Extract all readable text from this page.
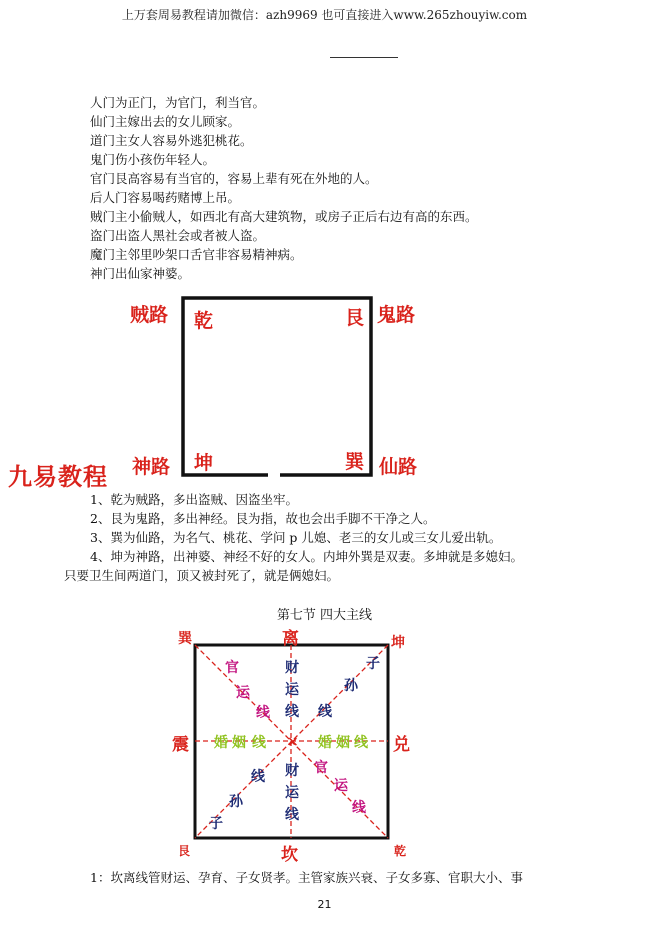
上万套周易教程请加微信：azh9969 也可直接进入www.265zhouyiw.com
人门为正门，为官门，利当官。
仙门主嫁出去的女儿顾家。
道门主女人容易外逃犯桃花。
鬼门伤小孩伤年轻人。
官门艮高容易有当官的，容易上辈有死在外地的人。
后人门容易喝药赌博上吊。
贼门主小偷贼人，如西北有高大建筑物，或房子正后右边有高的东西。
盗门出盗人黑社会或者被人盗。
魔门主邻里吵架口舌官非容易精神病。
神门出仙家神婆。
贼路 乾	艮 鬼路
神路 坤	巽 仙路
九易教程
1、乾为贼路，多出盗贼、因盗坐牢。
2、艮为鬼路，多出神经。艮为指，故也会出手脚不干净之人。
3、巽为仙路，为名气、桃花、学问 p 儿媳、老三的女儿或三女儿爱出轨。
4、坤为神路，出神婆、神经不好的女人。内坤外巽是双妻。多坤就是多媳妇。
只要卫生间两道门，顶又被封死了，就是俩媳妇。
第七节 四大主线
×
官
运
线
官
运
线
财
运
线
财
运
线
子
孙
线
子
孙
线
婚 姻 线	婚 姻 线
巽	离	坤
震	兑
艮	坎	乾
1：坎离线管财运、孕育、子女贤孝。主管家族兴衰、子女多寡、官职大小、事
21
